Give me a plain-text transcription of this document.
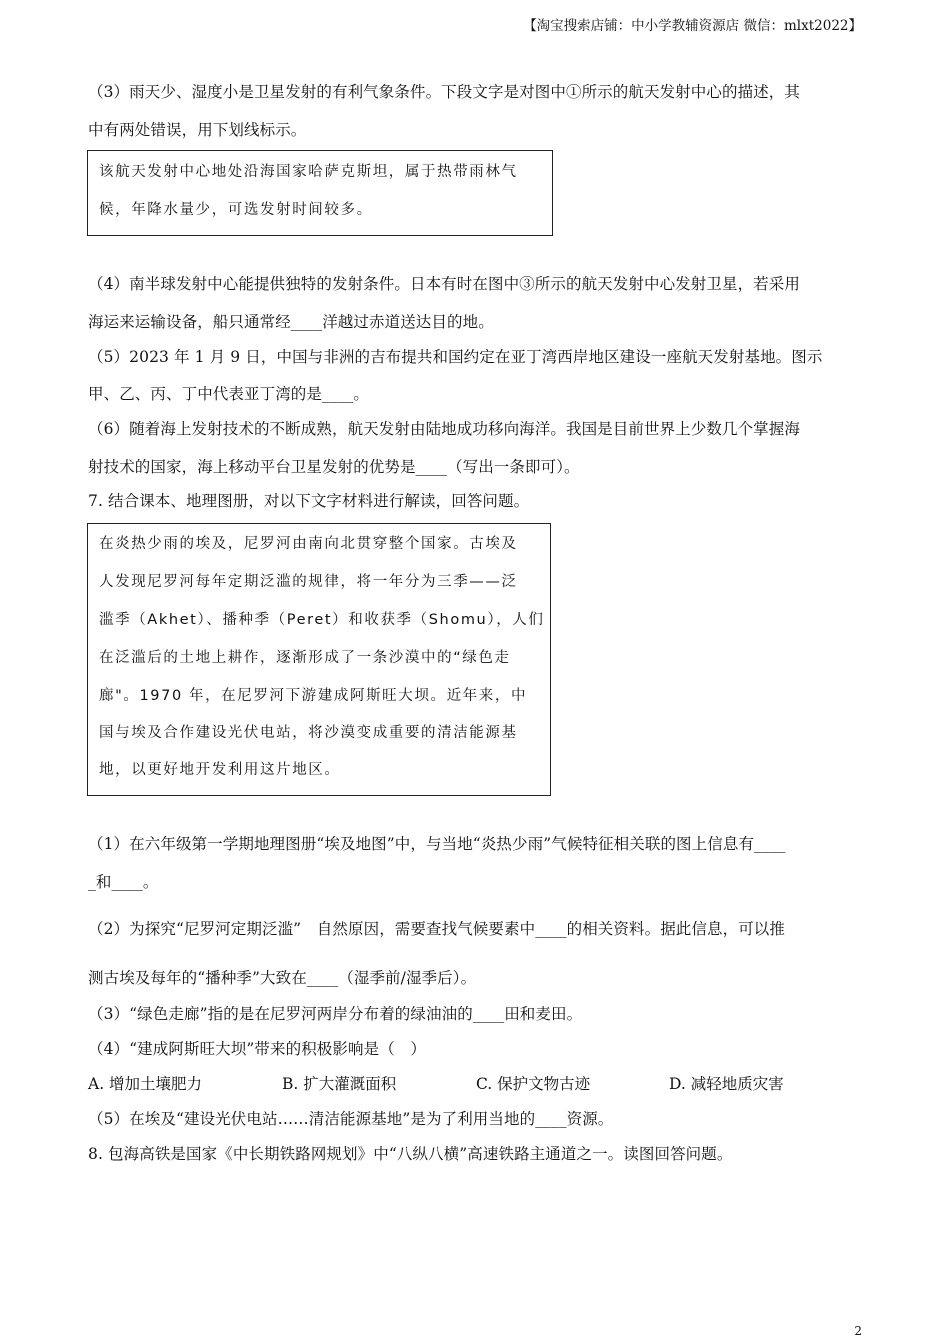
【淘宝搜索店铺：中小学教辅资源店 微信：mlxt2022】
（3）雨天少、湿度小是卫星发射的有利气象条件。下段文字是对图中①所示的航天发射中心的描述，其
中有两处错误，用下划线标示。
该航天发射中心地处沿海国家哈萨克斯坦，属于热带雨林气
候，年降水量少，可选发射时间较多。
（4）南半球发射中心能提供独特的发射条件。日本有时在图中③所示的航天发射中心发射卫星，若采用
海运来运输设备，船只通常经____洋越过赤道送达目的地。
（5）2023 年 1 月 9 日，中国与非洲的吉布提共和国约定在亚丁湾西岸地区建设一座航天发射基地。图示
甲、乙、丙、丁中代表亚丁湾的是____。
（6）随着海上发射技术的不断成熟，航天发射由陆地成功移向海洋。我国是目前世界上少数几个掌握海
射技术的国家，海上移动平台卫星发射的优势是____（写出一条即可）。
7. 结合课本、地理图册，对以下文字材料进行解读，回答问题。
在炎热少雨的埃及，尼罗河由南向北贯穿整个国家。古埃及
人发现尼罗河每年定期泛滥的规律，将一年分为三季——泛
滥季（Akhet）、播种季（Peret）和收获季（Shomu），人们
在泛滥后的土地上耕作，逐渐形成了一条沙漠中的“绿色走
廊"。1970 年，在尼罗河下游建成阿斯旺大坝。近年来，中
国与埃及合作建设光伏电站，将沙漠变成重要的清洁能源基
地，以更好地开发利用这片地区。
（1）在六年级第一学期地理图册“埃及地图”中，与当地“炎热少雨”气候特征相关联的图上信息有____
_和____。
（2）为探究“尼罗河定期泛滥”　自然原因，需要查找气候要素中____的相关资料。据此信息，可以推
测古埃及每年的“播种季”大致在____（湿季前/湿季后）。
（3）“绿色走廊”指的是在尼罗河两岸分布着的绿油油的____田和麦田。
（4）“建成阿斯旺大坝”带来的积极影响是（　）
A. 增加土壤肥力	B. 扩大灌溉面积	C. 保护文物古迹	D. 减轻地质灾害
（5）在埃及“建设光伏电站……清洁能源基地”是为了利用当地的____资源。
8. 包海高铁是国家《中长期铁路网规划》中“八纵八横”高速铁路主通道之一。读图回答问题。
2
